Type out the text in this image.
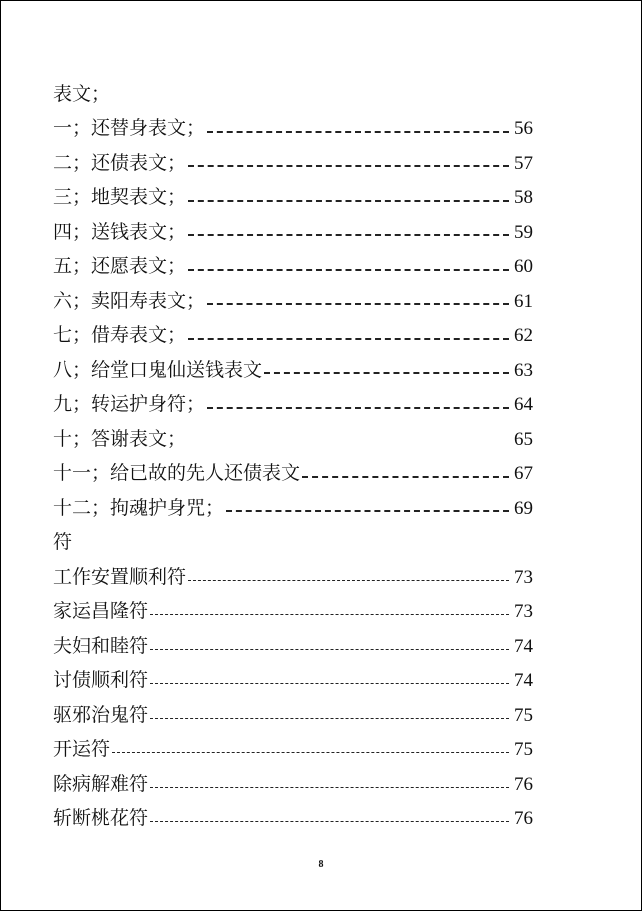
表文；
一；还替身表文；	56
二；还债表文；	57
三；地契表文；	58
四；送钱表文；	59
五；还愿表文；	60
六；卖阳寿表文；	61
七；借寿表文；	62
八；给堂口鬼仙送钱表文	63
九；转运护身符；	64
十；答谢表文；	65
十一；给已故的先人还债表文	67
十二；拘魂护身咒；	69
符
工作安置顺利符	73
家运昌隆符	73
夫妇和睦符	74
讨债顺利符	74
驱邪治鬼符	75
开运符	75
除病解难符	76
斩断桃花符	76
8
